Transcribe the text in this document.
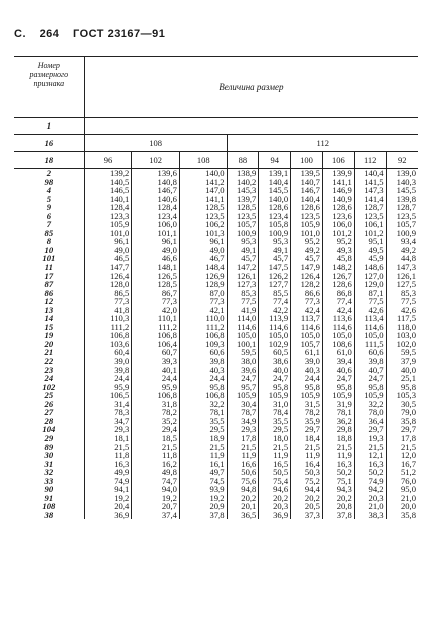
С. 264 ГОСТ 23167—91
Номер
размерного
признака	Величина размер								
1									
16	108			112					
18	96	102	108	88	94	100	106	112	92
2	139,2	139,6	140,0	138,9	139,1	139,5	139,9	140,4	139,0
98	140,5	140,8	141,2	140,2	140,4	140,7	141,1	141,5	140,3
4	146,5	146,7	147,0	145,3	145,5	146,7	146,9	147,3	145,5
5	140,1	140,6	141,1	139,7	140,0	140,4	140,9	141,4	139,8
9	128,4	128,4	128,5	128,5	128,6	128,6	128,6	128,7	128,7
6	123,3	123,4	123,5	123,5	123,4	123,5	123,6	123,5	123,5
7	105,9	106,0	106,2	105,7	105,8	105,9	106,0	106,1	105,7
85	101,0	101,1	101,3	100,9	100,9	101,0	101,2	101,2	100,9
8	96,1	96,1	96,1	95,3	95,3	95,2	95,2	95,1	93,4
10	49,0	49,0	49,0	49,1	49,1	49,2	49,3	49,5	49,2
101	46,5	46,6	46,7	45,7	45,7	45,7	45,8	45,9	44,8
11	147,7	148,1	148,4	147,2	147,5	147,9	148,2	148,6	147,3
17	126,4	126,5	126,9	126,1	126,2	126,4	126,7	127,0	126,1
87	128,0	128,5	128,9	127,3	127,7	128,2	128,6	129,0	127,5
86	86,5	86,7	87,0	85,3	85,5	86,6	86,8	87,1	85,3
12	77,3	77,3	77,3	77,5	77,4	77,3	77,4	77,5	77,5
13	41,8	42,0	42,1	41,9	42,2	42,4	42,4	42,6	42,6
14	110,3	110,1	110,0	114,0	113,9	113,7	113,6	113,4	117,5
15	111,2	111,2	111,2	114,6	114,6	114,6	114,6	114,6	118,0
19	106,8	106,8	106,8	105,0	105,0	105,0	105,0	105,0	103,0
20	103,6	106,4	109,3	100,1	102,9	105,7	108,6	111,5	102,0
21	60,4	60,7	60,6	59,5	60,5	61,1	61,0	60,6	59,5
22	39,0	39,3	39,8	38,0	38,6	39,0	39,4	39,8	37,9
23	39,8	40,1	40,3	39,6	40,0	40,3	40,6	40,7	40,0
24	24,4	24,4	24,4	24,7	24,7	24,4	24,7	24,7	25,1
102	95,9	95,9	95,8	95,7	95,8	95,8	95,8	95,8	95,8
25	106,5	106,8	106,8	105,9	105,9	105,9	105,9	105,9	105,3
26	31,4	31,8	32,2	30,4	31,0	31,5	31,9	32,2	30,5
27	78,3	78,2	78,1	78,7	78,4	78,2	78,1	78,0	79,0
28	34,7	35,2	35,5	34,9	35,5	35,9	36,2	36,4	35,8
104	29,3	29,4	29,5	29,3	29,5	29,7	29,8	29,7	29,7
29	18,1	18,5	18,9	17,8	18,0	18,4	18,8	19,3	17,8
89	21,5	21,5	21,5	21,5	21,5	21,5	21,5	21,5	21,5
30	11,8	11,8	11,9	11,9	11,9	11,9	11,9	12,1	12,0
31	16,3	16,2	16,1	16,6	16,5	16,4	16,3	16,3	16,7
32	49,9	49,8	49,7	50,6	50,5	50,3	50,2	50,2	51,2
33	74,9	74,7	74,5	75,6	75,4	75,2	75,1	74,9	76,0
90	94,1	94,0	93,9	94,8	94,6	94,4	94,3	94,2	95,0
91	19,2	19,2	19,2	20,2	20,2	20,2	20,2	20,3	21,0
108	20,4	20,7	20,9	20,1	20,3	20,5	20,8	21,0	20,0
38	36,9	37,4	37,8	36,5	36,9	37,3	37,8	38,3	35,8
